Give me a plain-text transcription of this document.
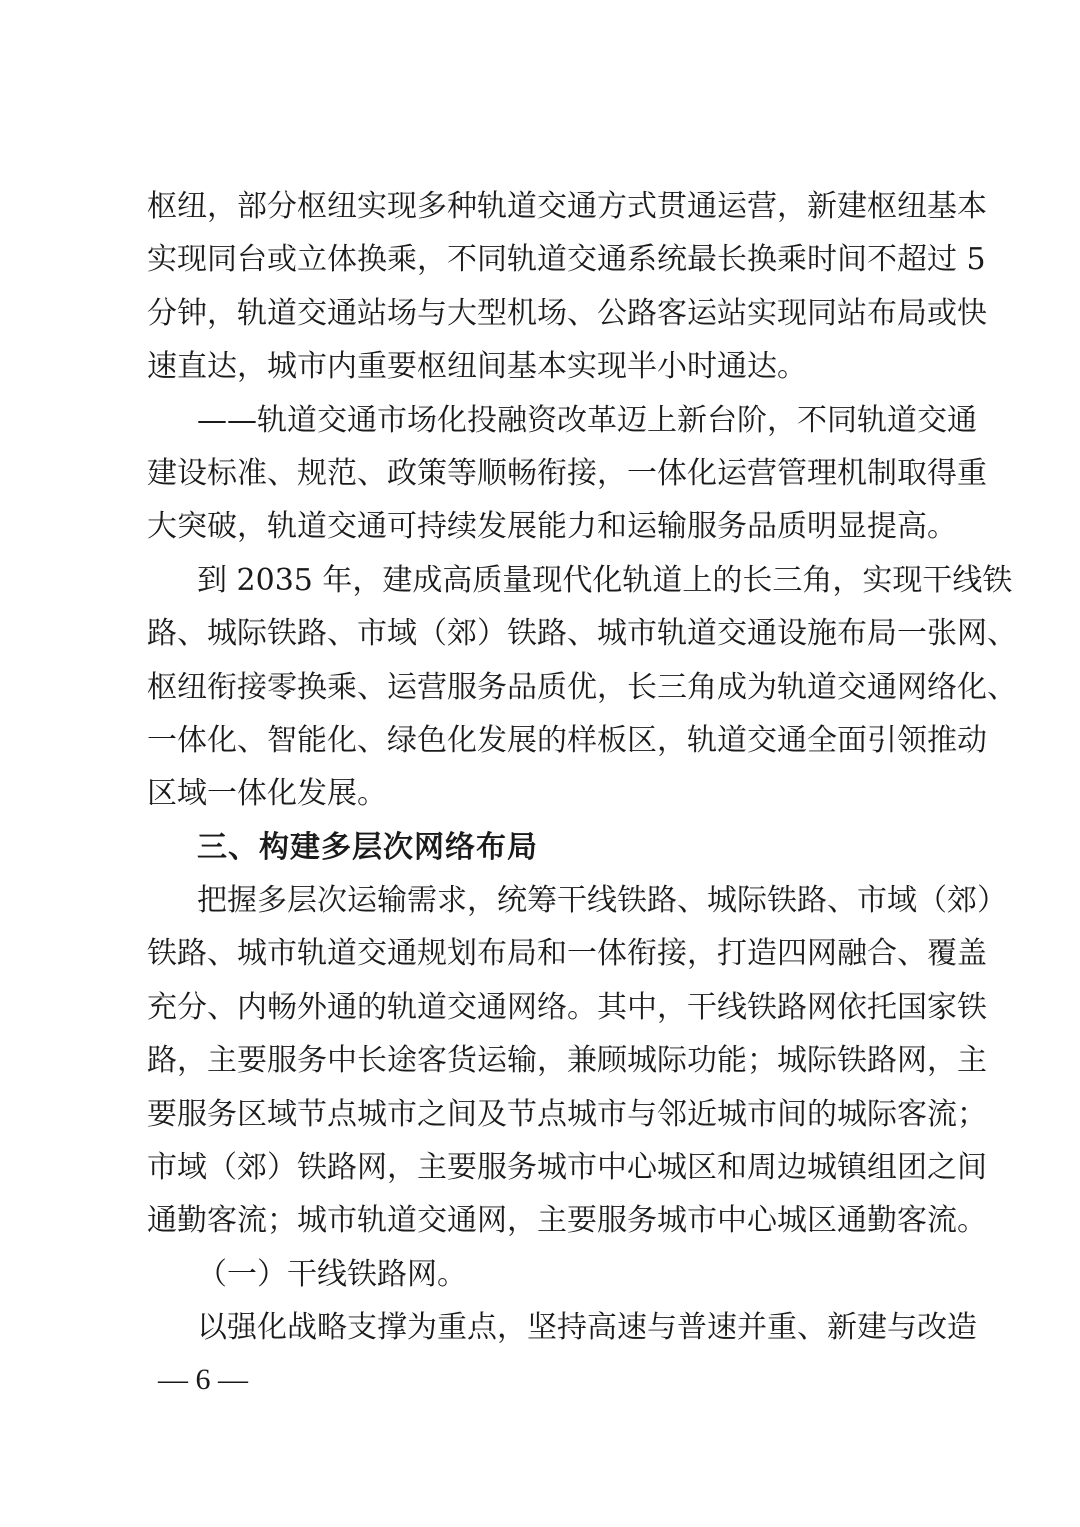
枢纽，部分枢纽实现多种轨道交通方式贯通运营，新建枢纽基本
实现同台或立体换乘，不同轨道交通系统最长换乘时间不超过 5
分钟，轨道交通站场与大型机场、公路客运站实现同站布局或快
速直达，城市内重要枢纽间基本实现半小时通达。
——轨道交通市场化投融资改革迈上新台阶，不同轨道交通
建设标准、规范、政策等顺畅衔接，一体化运营管理机制取得重
大突破，轨道交通可持续发展能力和运输服务品质明显提高。
到 2035 年，建成高质量现代化轨道上的长三角，实现干线铁
路、城际铁路、市域（郊）铁路、城市轨道交通设施布局一张网、
枢纽衔接零换乘、运营服务品质优，长三角成为轨道交通网络化、
一体化、智能化、绿色化发展的样板区，轨道交通全面引领推动
区域一体化发展。
三、构建多层次网络布局
把握多层次运输需求，统筹干线铁路、城际铁路、市域（郊）
铁路、城市轨道交通规划布局和一体衔接，打造四网融合、覆盖
充分、内畅外通的轨道交通网络。其中，干线铁路网依托国家铁
路，主要服务中长途客货运输，兼顾城际功能；城际铁路网，主
要服务区域节点城市之间及节点城市与邻近城市间的城际客流；
市域（郊）铁路网，主要服务城市中心城区和周边城镇组团之间
通勤客流；城市轨道交通网，主要服务城市中心城区通勤客流。
（一）干线铁路网。
以强化战略支撑为重点，坚持高速与普速并重、新建与改造
— 6 —
